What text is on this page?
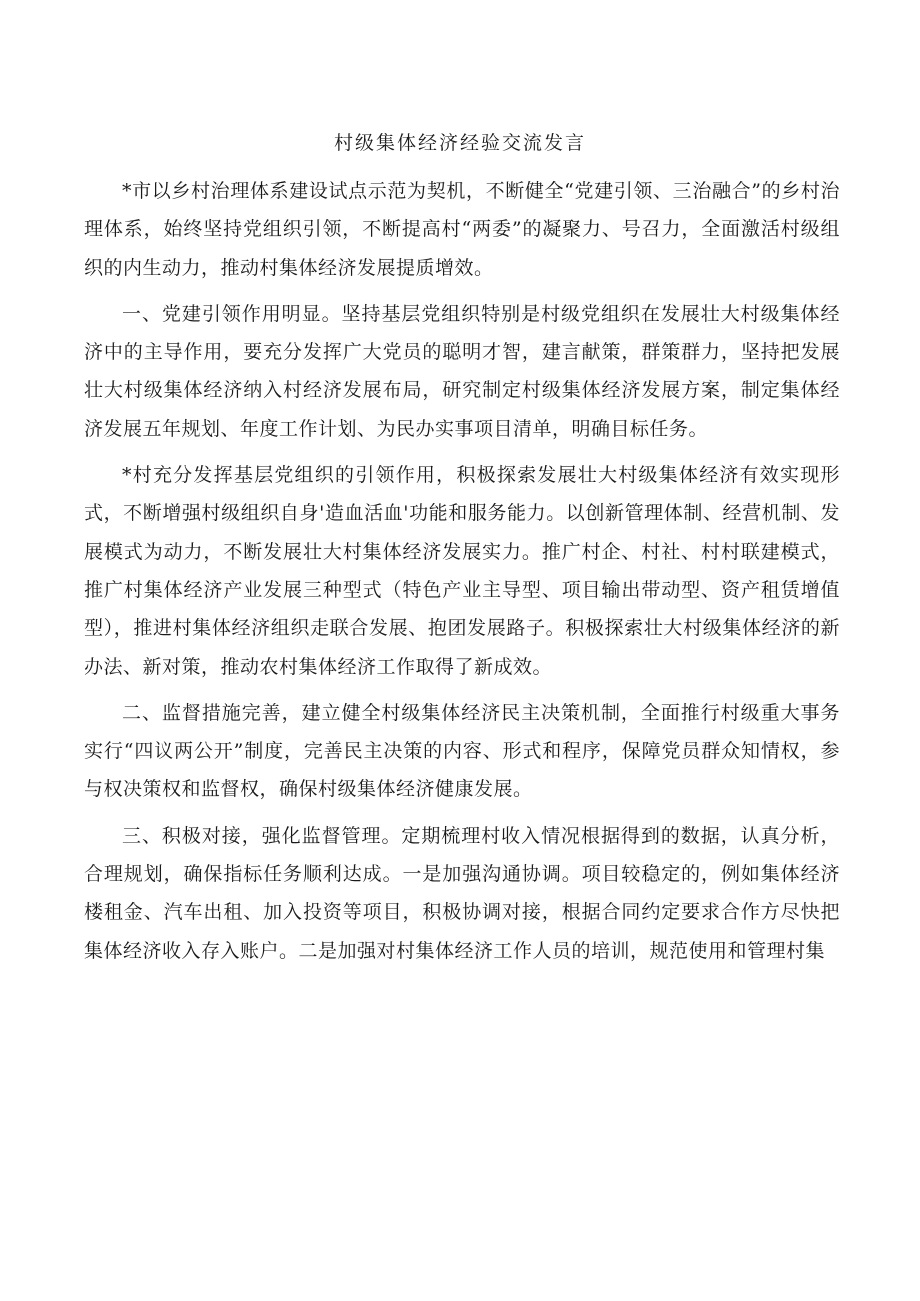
村级集体经济经验交流发言

*市以乡村治理体系建设试点示范为契机，不断健全“党建引领、三治融合”的乡村治理体系，始终坚持党组织引领，不断提高村“两委”的凝聚力、号召力，全面激活村级组织的内生动力，推动村集体经济发展提质增效。

一、党建引领作用明显。坚持基层党组织特别是村级党组织在发展壮大村级集体经济中的主导作用，要充分发挥广大党员的聪明才智，建言献策，群策群力，坚持把发展壮大村级集体经济纳入村经济发展布局，研究制定村级集体经济发展方案，制定集体经济发展五年规划、年度工作计划、为民办实事项目清单，明确目标任务。

*村充分发挥基层党组织的引领作用，积极探索发展壮大村级集体经济有效实现形式，不断增强村级组织自身'造血活血'功能和服务能力。以创新管理体制、经营机制、发展模式为动力，不断发展壮大村集体经济发展实力。推广村企、村社、村村联建模式，推广村集体经济产业发展三种型式（特色产业主导型、项目输出带动型、资产租赁增值型），推进村集体经济组织走联合发展、抱团发展路子。积极探索壮大村级集体经济的新办法、新对策，推动农村集体经济工作取得了新成效。

二、监督措施完善，建立健全村级集体经济民主决策机制，全面推行村级重大事务实行“四议两公开”制度，完善民主决策的内容、形式和程序，保障党员群众知情权，参与权决策权和监督权，确保村级集体经济健康发展。

三、积极对接，强化监督管理。定期梳理村收入情况根据得到的数据，认真分析，合理规划，确保指标任务顺利达成。一是加强沟通协调。项目较稳定的，例如集体经济楼租金、汽车出租、加入投资等项目，积极协调对接，根据合同约定要求合作方尽快把集体经济收入存入账户。二是加强对村集体经济工作人员的培训，规范使用和管理村集
